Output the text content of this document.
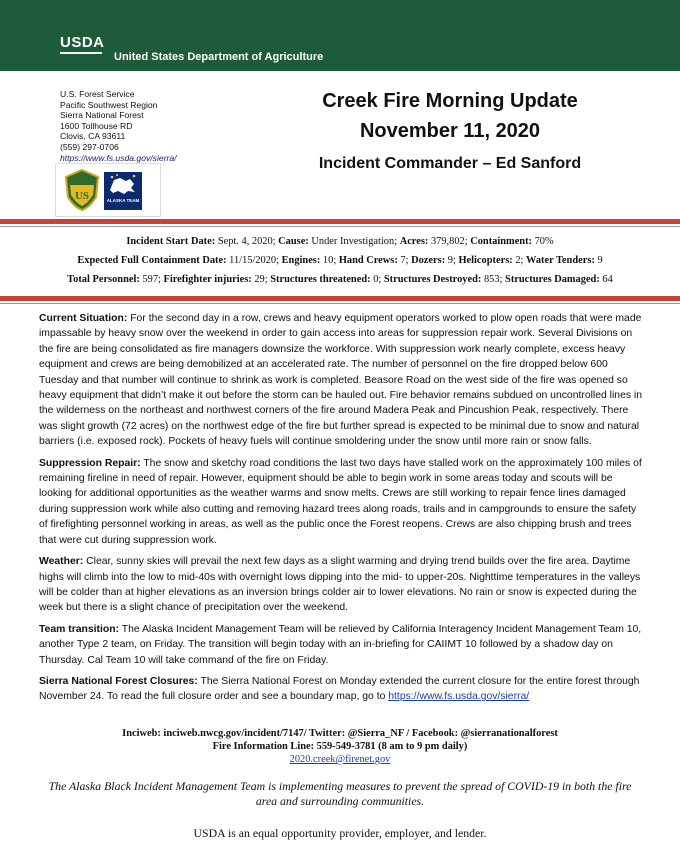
USDA
United States Department of Agriculture
U.S. Forest Service
Pacific Southwest Region
Sierra National Forest
1600 Tollhouse RD
Clovis, CA 93611
(559) 297-0706
https://www.fs.usda.gov/sierra/
US	ALASKA TEAM
Creek Fire Morning Update
November 11, 2020
Incident Commander – Ed Sanford
Incident Start Date: Sept. 4, 2020; Cause: Under Investigation; Acres: 379,802; Containment: 70%
Expected Full Containment Date: 11/15/2020; Engines: 10; Hand Crews: 7; Dozers: 9; Helicopters: 2; Water Tenders: 9
Total Personnel: 597; Firefighter injuries: 29; Structures threatened: 0; Structures Destroyed: 853; Structures Damaged: 64

Current Situation: For the second day in a row, crews and heavy equipment operators worked to plow open roads that were made impassable by heavy snow over the weekend in order to gain access into areas for suppression repair work. Several Divisions on the fire are being consolidated as fire managers downsize the workforce. With suppression work nearly complete, excess heavy equipment and crews are being demobilized at an accelerated rate. The number of personnel on the fire dropped below 600 Tuesday and that number will continue to shrink as work is completed. Beasore Road on the west side of the fire was opened so heavy equipment that didn’t make it out before the storm can be hauled out. Fire behavior remains subdued on uncontrolled lines in the wilderness on the northeast and northwest corners of the fire around Madera Peak and Pincushion Peak, respectively. There was slight growth (72 acres) on the northwest edge of the fire but further spread is expected to be minimal due to snow and natural barriers (i.e. exposed rock). Pockets of heavy fuels will continue smoldering under the snow until more rain or snow falls.

Suppression Repair: The snow and sketchy road conditions the last two days have stalled work on the approximately 100 miles of remaining fireline in need of repair. However, equipment should be able to begin work in some areas today and scouts will be looking for additional opportunities as the weather warms and snow melts. Crews are still working to repair fence lines damaged during suppression work while also cutting and removing hazard trees along roads, trails and in campgrounds to ensure the safety of firefighting personnel working in areas, as well as the public once the Forest reopens. Crews are also chipping brush and trees that were cut during suppression work.

Weather: Clear, sunny skies will prevail the next few days as a slight warming and drying trend builds over the fire area. Daytime highs will climb into the low to mid-40s with overnight lows dipping into the mid- to upper-20s. Nighttime temperatures in the valleys will be colder than at higher elevations as an inversion brings colder air to lower elevations. No rain or snow is expected during the week but there is a slight chance of precipitation over the weekend.

Team transition: The Alaska Incident Management Team will be relieved by California Interagency Incident Management Team 10, another Type 2 team, on Friday. The transition will begin today with an in-briefing for CAIIMT 10 followed by a shadow day on Thursday. Cal Team 10 will take command of the fire on Friday.

Sierra National Forest Closures: The Sierra National Forest on Monday extended the current closure for the entire forest through November 24. To read the full closure order and see a boundary map, go to https://www.fs.usda.gov/sierra/

Inciweb: inciweb.nwcg.gov/incident/7147/ Twitter: @Sierra_NF / Facebook: @sierranationalforest
Fire Information Line: 559-549-3781 (8 am to 9 pm daily)
2020.creek@firenet.gov
The Alaska Black Incident Management Team is implementing measures to prevent the spread of COVID-19 in both the fire area and surrounding communities.
USDA is an equal opportunity provider, employer, and lender.
